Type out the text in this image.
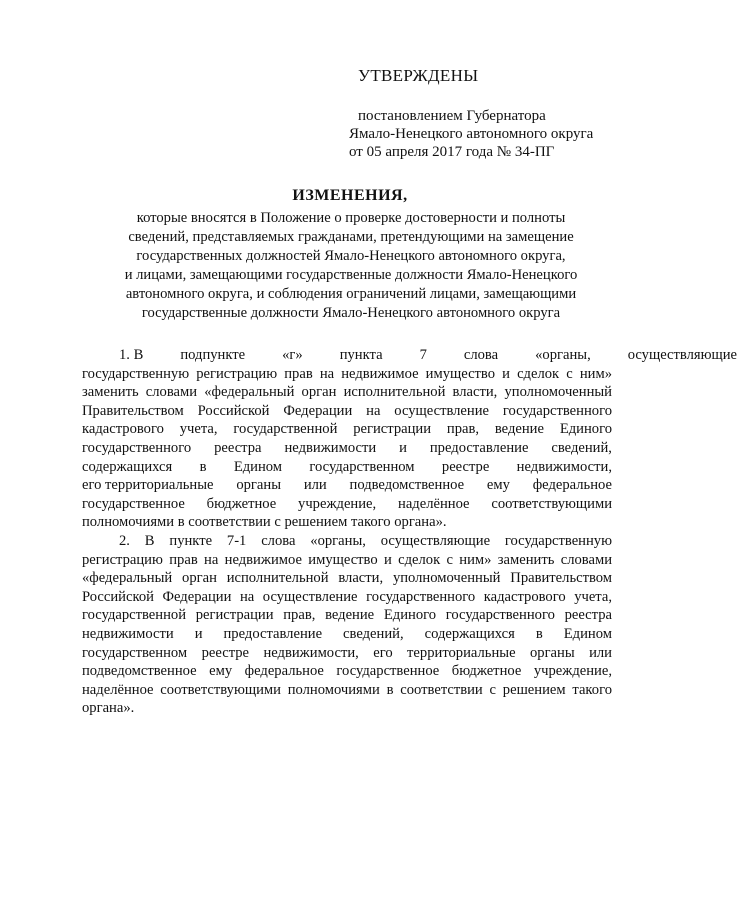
УТВЕРЖДЕНЫ
постановлением Губернатора
Ямало-Ненецкого автономного округа
от 05 апреля 2017 года № 34-ПГ
ИЗМЕНЕНИЯ,
которые вносятся в Положение о проверке достоверности и полноты
сведений, представляемых гражданами, претендующими на замещение
государственных должностей Ямало-Ненецкого автономного округа,
и лицами, замещающими государственные должности Ямало-Ненецкого
автономного округа, и соблюдения ограничений лицами, замещающими
государственные должности Ямало-Ненецкого автономного округа

1. В	подпункте	«г»	пункта	7	слова	«органы,	осуществляющие

государственную регистрацию прав на недвижимое имущество и сделок с ним»

заменить словами «федеральный орган исполнительной власти, уполномоченный

Правительством Российской Федерации на осуществление государственного

кадастрового учета, государственной регистрации прав, ведение Единого

государственного реестра недвижимости и предоставление сведений,

содержащихся в Едином государственном реестре недвижимости,

его территориальные органы или подведомственное ему федеральное

государственное бюджетное учреждение, наделённое соответствующими

полномочиями в соответствии с решением такого органа».

2. В пункте 7-1 слова «органы, осуществляющие государственную

регистрацию прав на недвижимое имущество и сделок с ним» заменить словами

«федеральный орган исполнительной власти, уполномоченный Правительством

Российской Федерации на осуществление государственного кадастрового учета,

государственной регистрации прав, ведение Единого государственного реестра

недвижимости и предоставление сведений, содержащихся в Едином

государственном реестре недвижимости, его территориальные органы или

подведомственное ему федеральное государственное бюджетное учреждение,

наделённое соответствующими полномочиями в соответствии с решением такого

органа».
